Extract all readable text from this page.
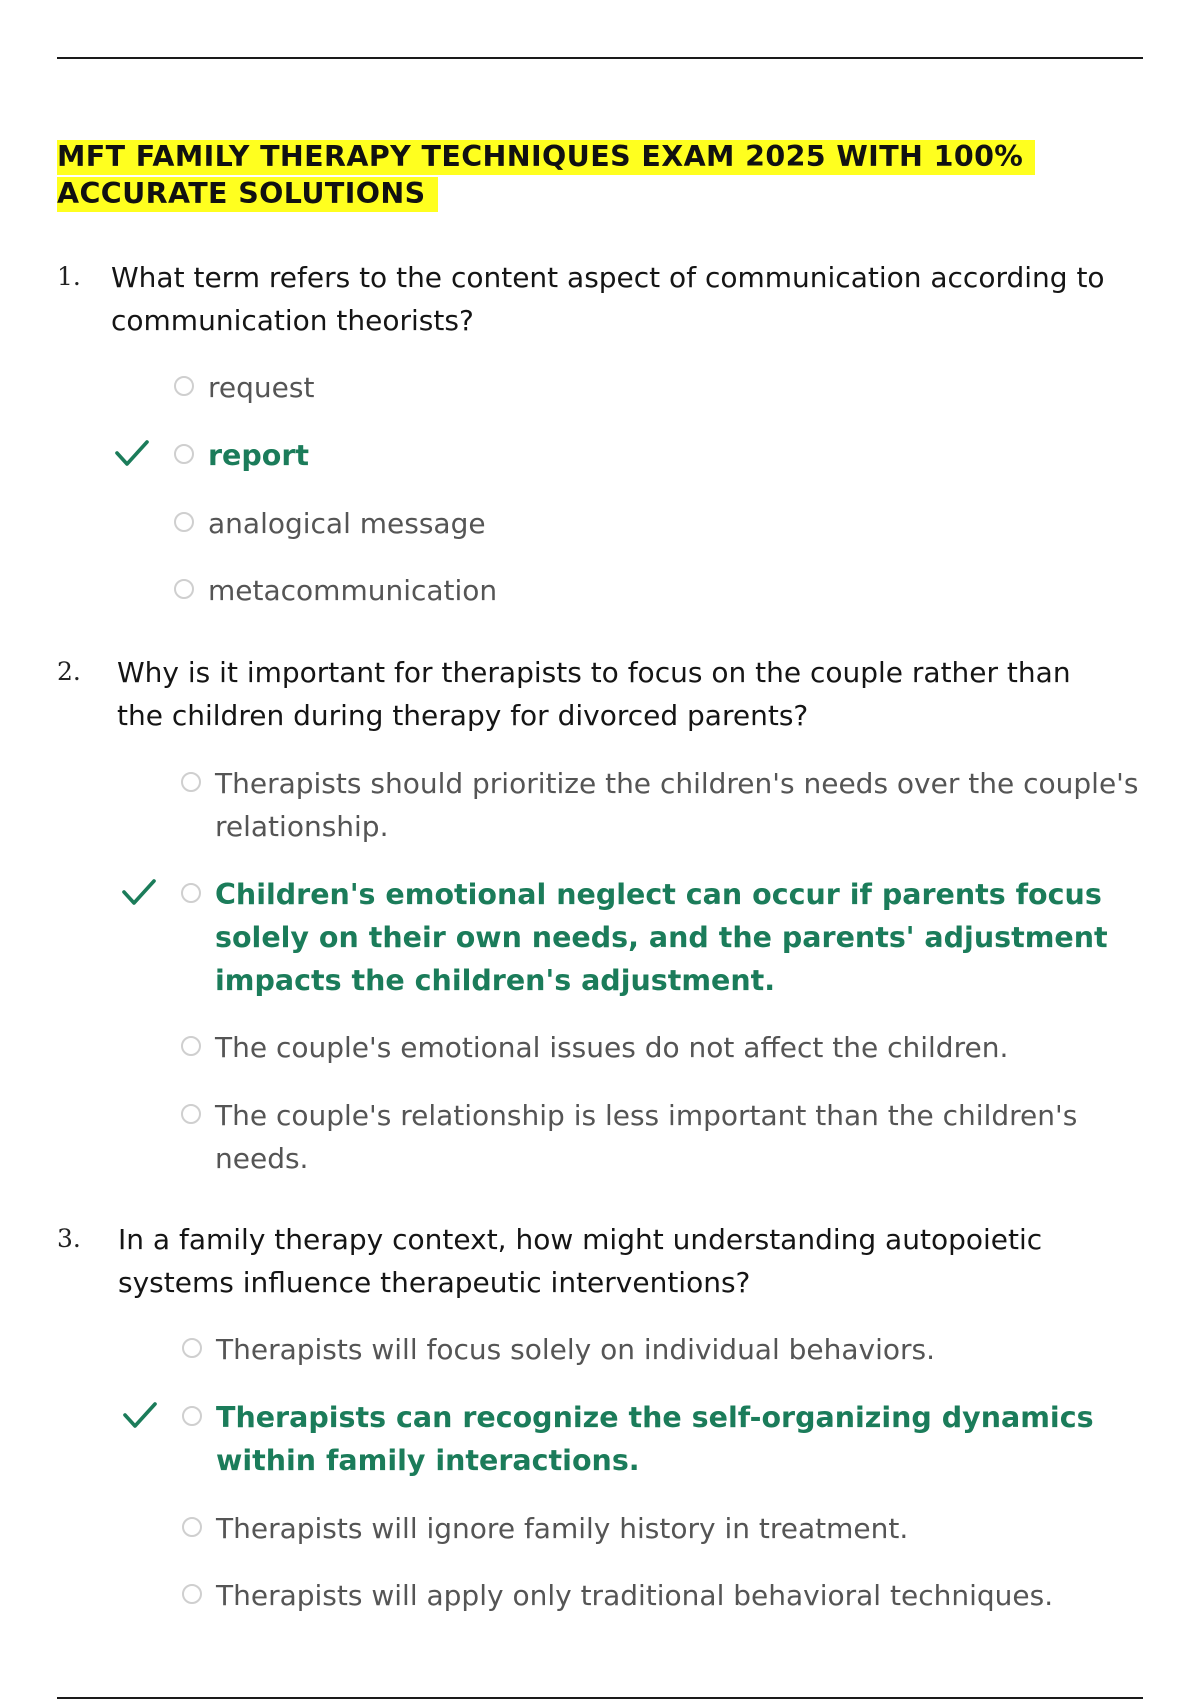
MFT FAMILY THERAPY TECHNIQUES EXAM 2025 WITH 100% ACCURATE SOLUTIONS
1. What term refers to the content aspect of communication according to communication theorists?
request
report
analogical message
metacommunication
2. Why is it important for therapists to focus on the couple rather than the children during therapy for divorced parents?
Therapists should prioritize the children's needs over the couple's relationship.
Children's emotional neglect can occur if parents focus solely on their own needs, and the parents' adjustment impacts the children's adjustment.
The couple's emotional issues do not affect the children.
The couple's relationship is less important than the children's needs.
3. In a family therapy context, how might understanding autopoietic systems influence therapeutic interventions?
Therapists will focus solely on individual behaviors.
Therapists can recognize the self-organizing dynamics within family interactions.
Therapists will ignore family history in treatment.
Therapists will apply only traditional behavioral techniques.
